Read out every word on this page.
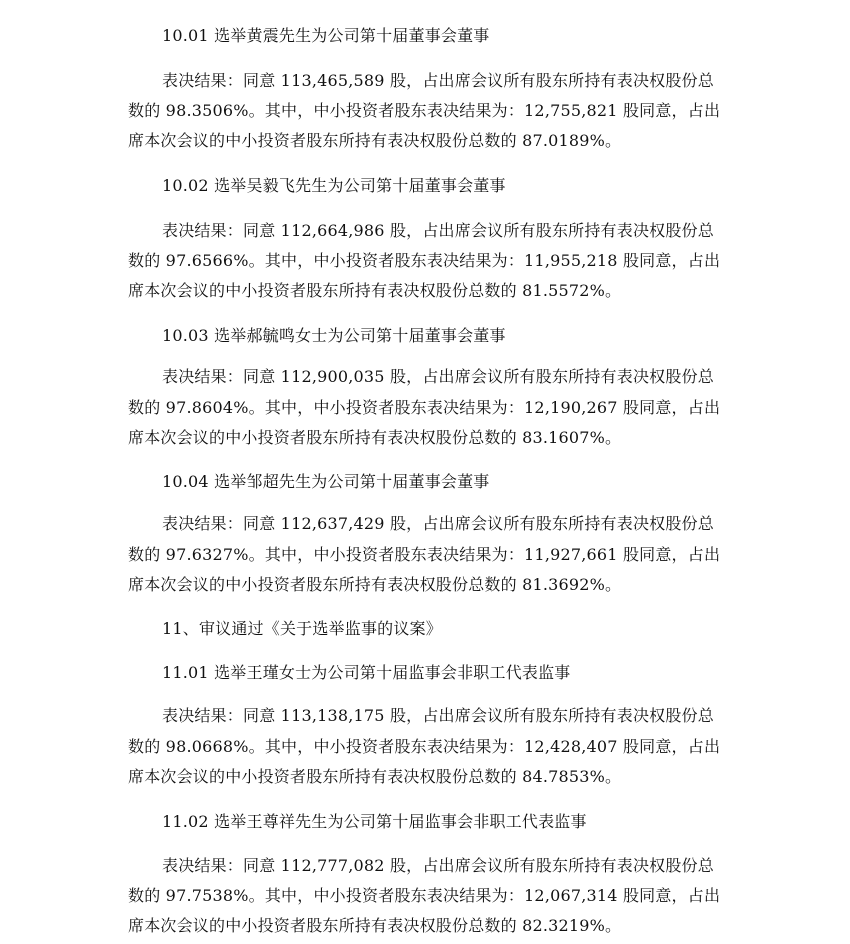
10.01 选举黄震先生为公司第十届董事会董事
表决结果：同意 113,465,589 股，占出席会议所有股东所持有表决权股份总
数的 98.3506%。其中，中小投资者股东表决结果为：12,755,821 股同意，占出
席本次会议的中小投资者股东所持有表决权股份总数的 87.0189%。
10.02 选举吴毅飞先生为公司第十届董事会董事
表决结果：同意 112,664,986 股，占出席会议所有股东所持有表决权股份总
数的 97.6566%。其中，中小投资者股东表决结果为：11,955,218 股同意，占出
席本次会议的中小投资者股东所持有表决权股份总数的 81.5572%。
10.03 选举郝毓鸣女士为公司第十届董事会董事
表决结果：同意 112,900,035 股，占出席会议所有股东所持有表决权股份总
数的 97.8604%。其中，中小投资者股东表决结果为：12,190,267 股同意，占出
席本次会议的中小投资者股东所持有表决权股份总数的 83.1607%。
10.04 选举邹超先生为公司第十届董事会董事
表决结果：同意 112,637,429 股，占出席会议所有股东所持有表决权股份总
数的 97.6327%。其中，中小投资者股东表决结果为：11,927,661 股同意，占出
席本次会议的中小投资者股东所持有表决权股份总数的 81.3692%。
11、审议通过《关于选举监事的议案》
11.01 选举王瑾女士为公司第十届监事会非职工代表监事
表决结果：同意 113,138,175 股，占出席会议所有股东所持有表决权股份总
数的 98.0668%。其中，中小投资者股东表决结果为：12,428,407 股同意，占出
席本次会议的中小投资者股东所持有表决权股份总数的 84.7853%。
11.02 选举王尊祥先生为公司第十届监事会非职工代表监事
表决结果：同意 112,777,082 股，占出席会议所有股东所持有表决权股份总
数的 97.7538%。其中，中小投资者股东表决结果为：12,067,314 股同意，占出
席本次会议的中小投资者股东所持有表决权股份总数的 82.3219%。
